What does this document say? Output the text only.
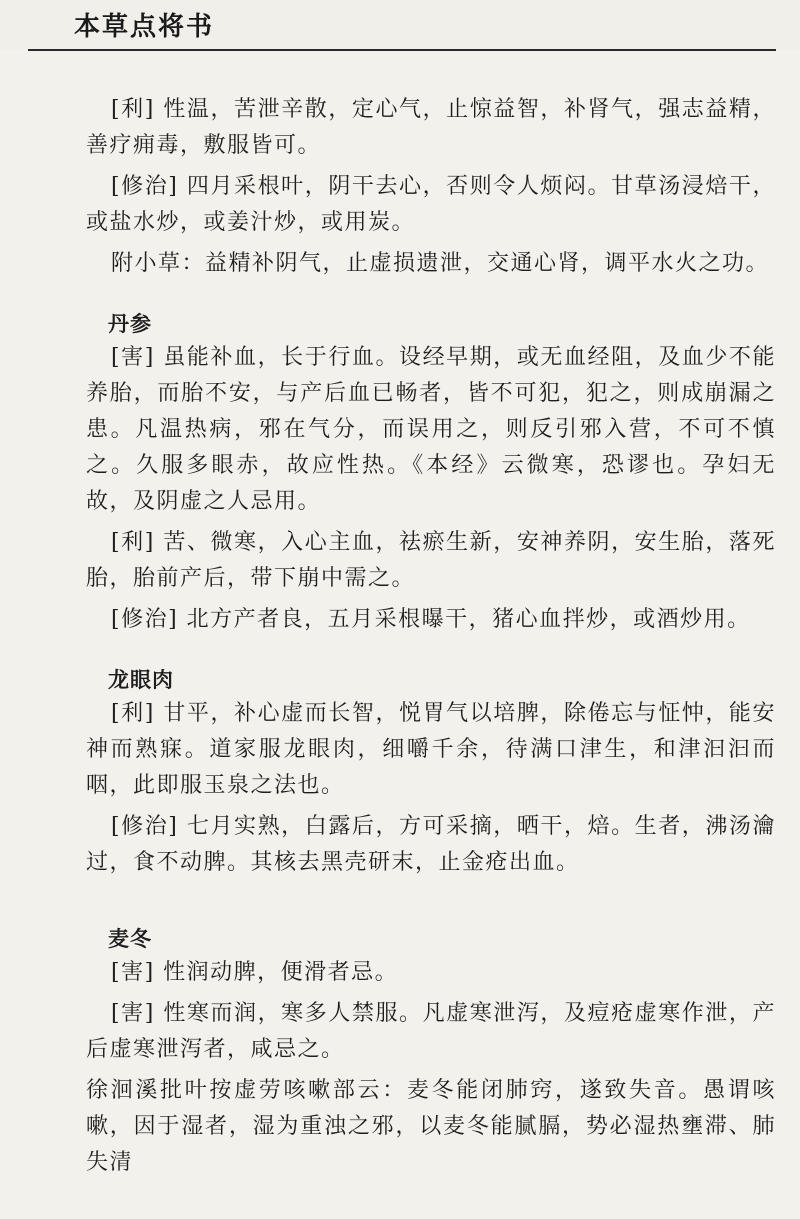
本草点将书

[利] 性温，苦泄辛散，定心气，止惊益智，补肾气，强志益精，善疗痈毒，敷服皆可。

[修治] 四月采根叶，阴干去心，否则令人烦闷。甘草汤浸焙干，或盐水炒，或姜汁炒，或用炭。

附小草：益精补阴气，止虚损遗泄，交通心肾，调平水火之功。

丹参

[害] 虽能补血，长于行血。设经早期，或无血经阻，及血少不能养胎，而胎不安，与产后血已畅者，皆不可犯，犯之，则成崩漏之患。凡温热病，邪在气分，而误用之，则反引邪入营，不可不慎之。久服多眼赤，故应性热。《本经》云微寒，恐谬也。孕妇无故，及阴虚之人忌用。

[利] 苦、微寒，入心主血，祛瘀生新，安神养阴，安生胎，落死胎，胎前产后，带下崩中需之。

[修治] 北方产者良，五月采根曝干，猪心血拌炒，或酒炒用。

龙眼肉

[利] 甘平，补心虚而长智，悦胃气以培脾，除倦忘与怔忡，能安神而熟寐。道家服龙眼肉，细嚼千余，待满口津生，和津汩汩而咽，此即服玉泉之法也。

[修治] 七月实熟，白露后，方可采摘，晒干，焙。生者，沸汤瀹过，食不动脾。其核去黑壳研末，止金疮出血。

麦冬

[害] 性润动脾，便滑者忌。

[害] 性寒而润，寒多人禁服。凡虚寒泄泻，及痘疮虚寒作泄，产后虚寒泄泻者，咸忌之。

徐洄溪批叶按虚劳咳嗽部云：麦冬能闭肺窍，遂致失音。愚谓咳嗽，因于湿者，湿为重浊之邪，以麦冬能腻膈，势必湿热壅滞、肺失清
